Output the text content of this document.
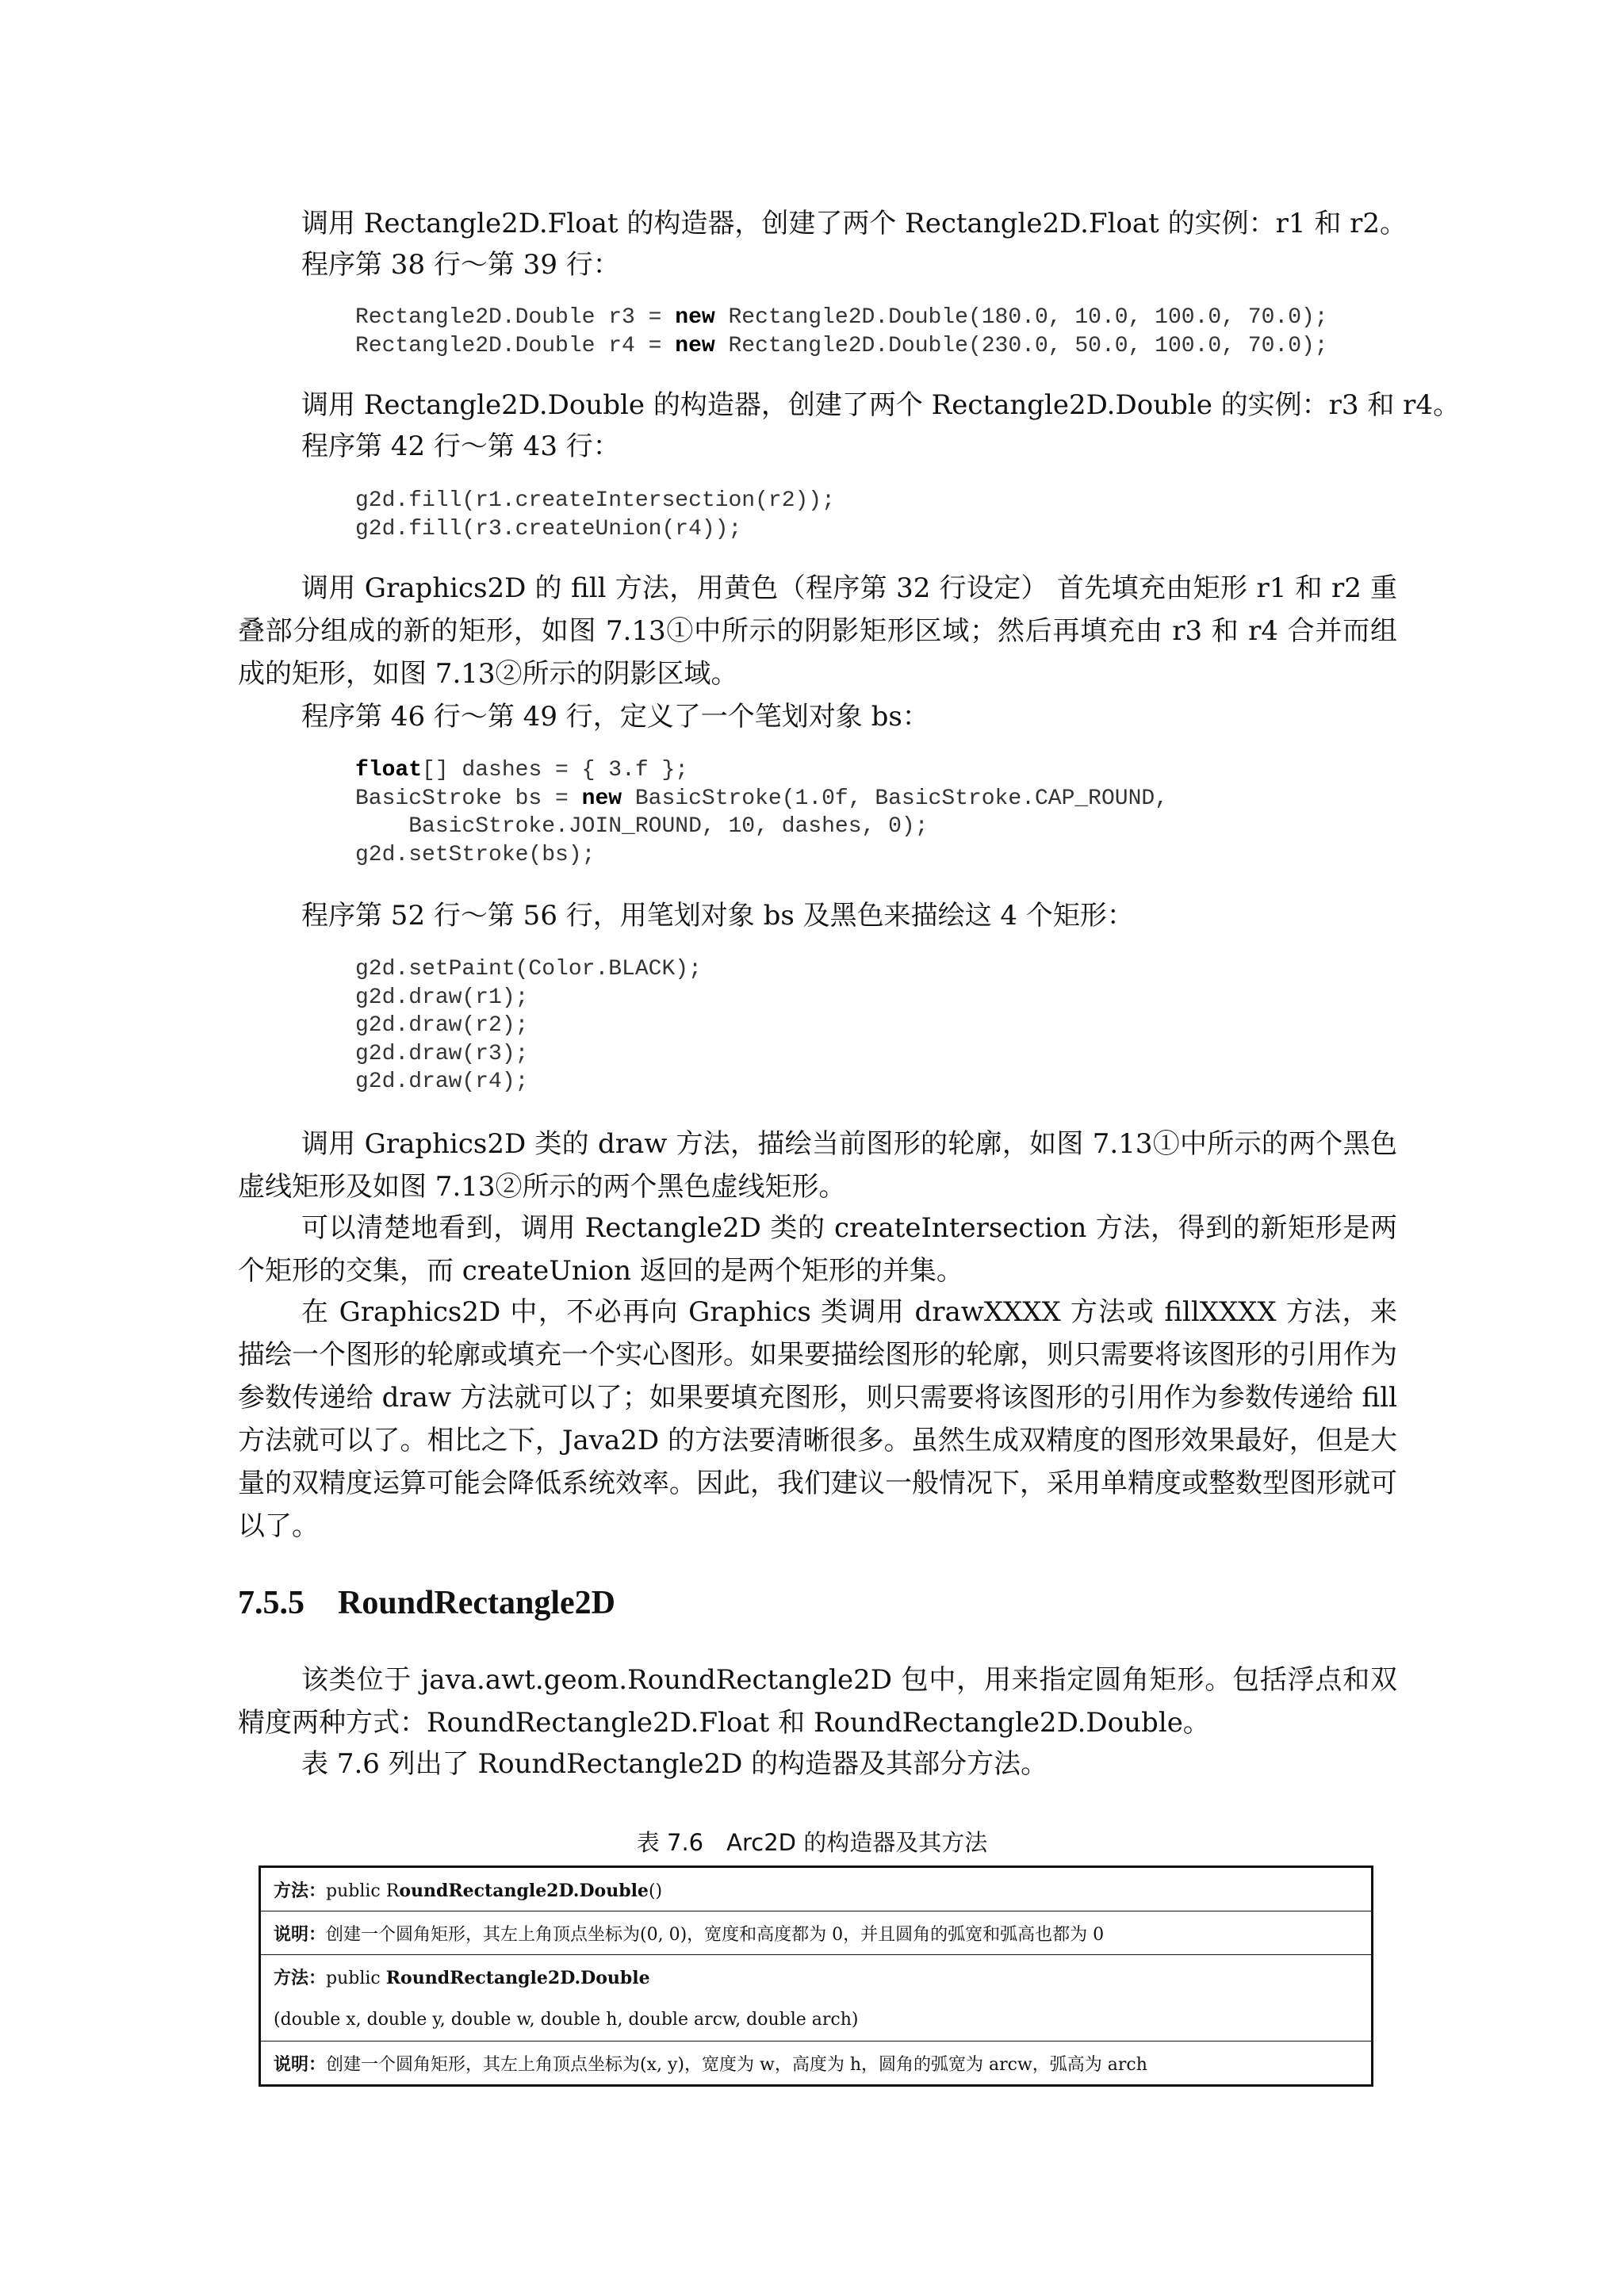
调用 Rectangle2D.Float 的构造器，创建了两个 Rectangle2D.Float 的实例：r1 和 r2。

程序第 38 行～第 39 行：

Rectangle2D.Double r3 = new Rectangle2D.Double(180.0, 10.0, 100.0, 70.0);
Rectangle2D.Double r4 = new Rectangle2D.Double(230.0, 50.0, 100.0, 70.0);

调用 Rectangle2D.Double 的构造器，创建了两个 Rectangle2D.Double 的实例：r3 和 r4。

程序第 42 行～第 43 行：

g2d.fill(r1.createIntersection(r2));
g2d.fill(r3.createUnion(r4));

调用 Graphics2D 的 fill 方法，用黄色（程序第 32 行设定） 首先填充由矩形 r1 和 r2 重叠部分组成的新的矩形，如图 7.13①中所示的阴影矩形区域；然后再填充由 r3 和 r4 合并而组成的矩形，如图 7.13②所示的阴影区域。

程序第 46 行～第 49 行，定义了一个笔划对象 bs：

float[] dashes = { 3.f };
BasicStroke bs = new BasicStroke(1.0f, BasicStroke.CAP_ROUND,
BasicStroke.JOIN_ROUND, 10, dashes, 0);
g2d.setStroke(bs);

程序第 52 行～第 56 行，用笔划对象 bs 及黑色来描绘这 4 个矩形：

g2d.setPaint(Color.BLACK);
g2d.draw(r1);
g2d.draw(r2);
g2d.draw(r3);
g2d.draw(r4);

调用 Graphics2D 类的 draw 方法，描绘当前图形的轮廓，如图 7.13①中所示的两个黑色虚线矩形及如图 7.13②所示的两个黑色虚线矩形。

可以清楚地看到，调用 Rectangle2D 类的 createIntersection 方法，得到的新矩形是两个矩形的交集，而 createUnion 返回的是两个矩形的并集。

在 Graphics2D 中，不必再向 Graphics 类调用 drawXXXX 方法或 fillXXXX 方法，来描绘一个图形的轮廓或填充一个实心图形。如果要描绘图形的轮廓，则只需要将该图形的引用作为参数传递给 draw 方法就可以了；如果要填充图形，则只需要将该图形的引用作为参数传递给 fill 方法就可以了。相比之下，Java2D 的方法要清晰很多。虽然生成双精度的图形效果最好，但是大量的双精度运算可能会降低系统效率。因此，我们建议一般情况下，采用单精度或整数型图形就可以了。

7.5.5 RoundRectangle2D

该类位于 java.awt.geom.RoundRectangle2D 包中，用来指定圆角矩形。包括浮点和双精度两种方式：RoundRectangle2D.Float 和 RoundRectangle2D.Double。

表 7.6 列出了 RoundRectangle2D 的构造器及其部分方法。

表 7.6　Arc2D 的构造器及其方法

方法：public RoundRectangle2D.Double()
说明：创建一个圆角矩形，其左上角顶点坐标为(0, 0)，宽度和高度都为 0，并且圆角的弧宽和弧高也都为 0
方法：public RoundRectangle2D.Double
(double x, double y, double w, double h, double arcw, double arch)
说明：创建一个圆角矩形，其左上角顶点坐标为(x, y)，宽度为 w，高度为 h，圆角的弧宽为 arcw，弧高为 arch
